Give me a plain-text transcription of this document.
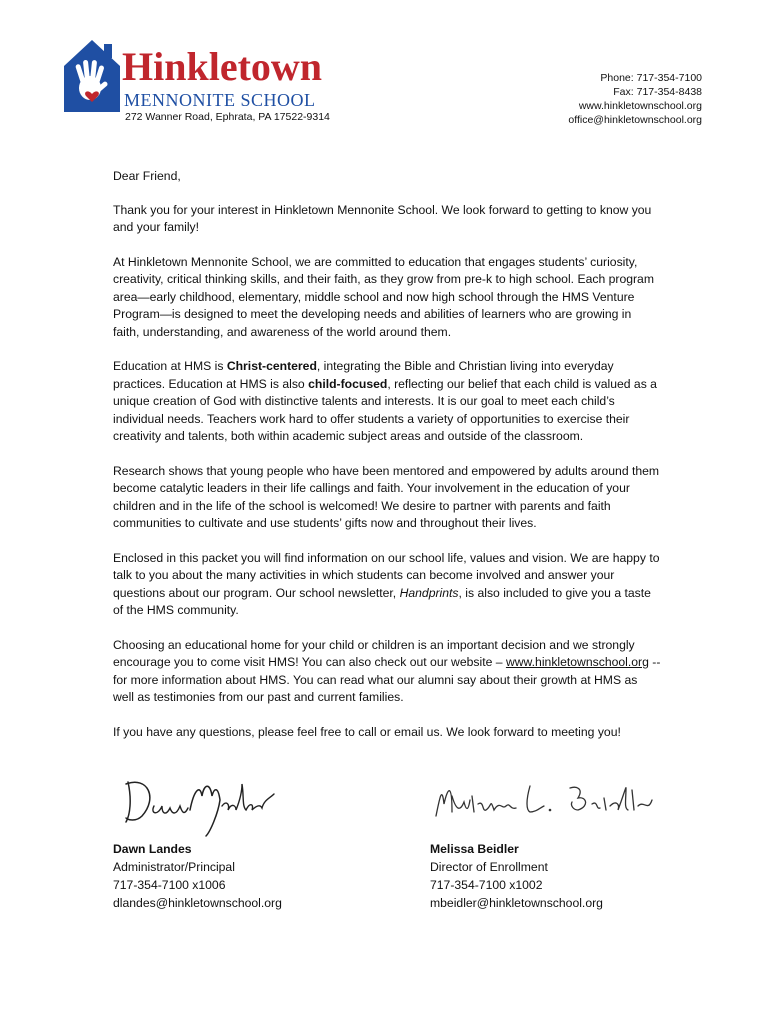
Hinkletown
MENNONITE SCHOOL
272 Wanner Road, Ephrata, PA 17522-9314
Phone: 717-354-7100
Fax: 717-354-8438
www.hinkletownschool.org
office@hinkletownschool.org

Dear Friend,

Thank you for your interest in Hinkletown Mennonite School. We look forward to getting to know you and your family!

At Hinkletown Mennonite School, we are committed to education that engages students’ curiosity, creativity, critical thinking skills, and their faith, as they grow from pre-k to high school. Each program area—early childhood, elementary, middle school and now high school through the HMS Venture Program—is designed to meet the developing needs and abilities of learners who are growing in faith, understanding, and awareness of the world around them.

Education at HMS is Christ-centered, integrating the Bible and Christian living into everyday practices. Education at HMS is also child-focused, reflecting our belief that each child is valued as a unique creation of God with distinctive talents and interests. It is our goal to meet each child’s individual needs. Teachers work hard to offer students a variety of opportunities to exercise their creativity and talents, both within academic subject areas and outside of the classroom.

Research shows that young people who have been mentored and empowered by adults around them become catalytic leaders in their life callings and faith. Your involvement in the education of your children and in the life of the school is welcomed! We desire to partner with parents and faith communities to cultivate and use students’ gifts now and throughout their lives.

Enclosed in this packet you will find information on our school life, values and vision. We are happy to talk to you about the many activities in which students can become involved and answer your questions about our program. Our school newsletter, Handprints, is also included to give you a taste of the HMS community.

Choosing an educational home for your child or children is an important decision and we strongly encourage you to come visit HMS! You can also check out our website – www.hinkletownschool.org -- for more information about HMS. You can read what our alumni say about their growth at HMS as well as testimonies from our past and current families.

If you have any questions, please feel free to call or email us. We look forward to meeting you!

Dawn Landes
Administrator/Principal
717-354-7100 x1006
dlandes@hinkletownschool.org
Melissa Beidler
Director of Enrollment
717-354-7100 x1002
mbeidler@hinkletownschool.org
